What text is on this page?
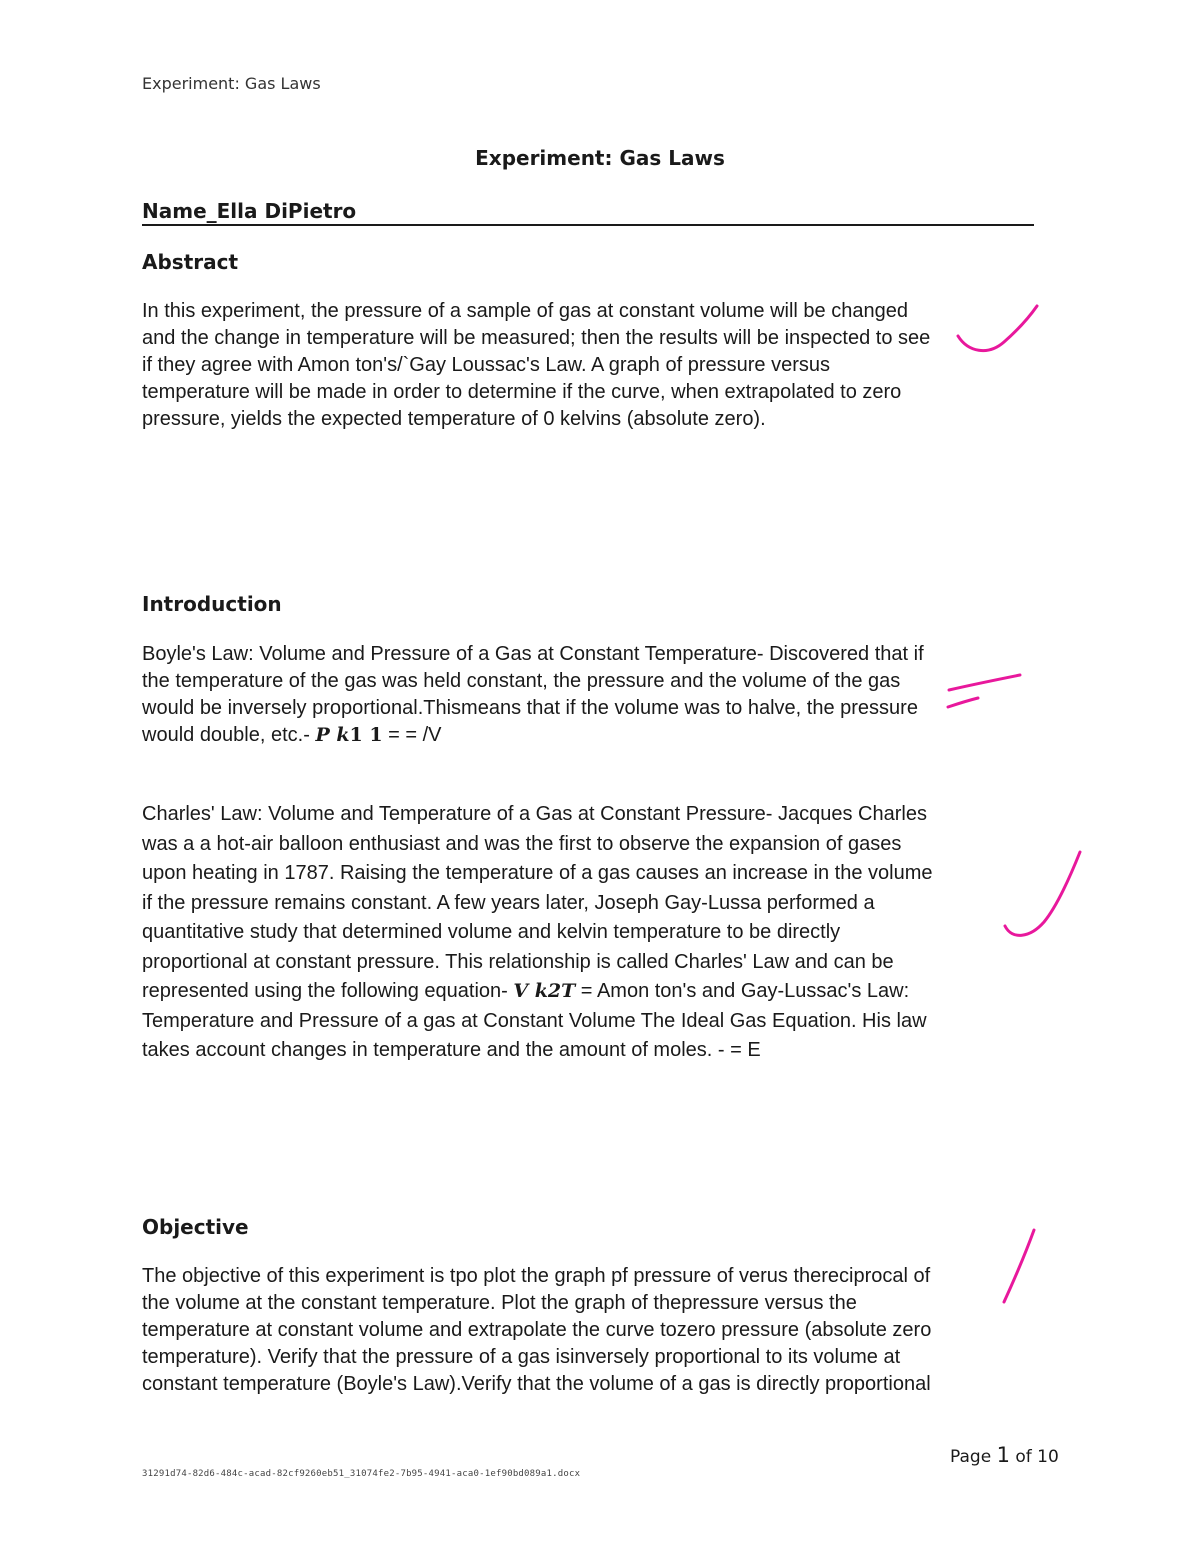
Experiment: Gas Laws
Experiment: Gas Laws
Name_Ella DiPietro
Abstract
In this experiment, the pressure of a sample of gas at constant volume will be changed
and the change in temperature will be measured; then the results will be inspected to see
if they agree with Amon ton's/`Gay Loussac's Law. A graph of pressure versus
temperature will be made in order to determine if the curve, when extrapolated to zero
pressure, yields the expected temperature of 0 kelvins (absolute zero).
Introduction
Boyle's Law: Volume and Pressure of a Gas at Constant Temperature- Discovered that if
the temperature of the gas was held constant, the pressure and the volume of the gas
would be inversely proportional.Thismeans that if the volume was to halve, the pressure
would double, etc.- P k1 1 = = /V
Charles' Law: Volume and Temperature of a Gas at Constant Pressure- Jacques Charles
was a a hot-air balloon enthusiast and was the first to observe the expansion of gases
upon heating in 1787. Raising the temperature of a gas causes an increase in the volume
if the pressure remains constant. A few years later, Joseph Gay-Lussa performed a
quantitative study that determined volume and kelvin temperature to be directly
proportional at constant pressure. This relationship is called Charles' Law and can be
represented using the following equation- V k2T = Amon ton's and Gay-Lussac's Law:
Temperature and Pressure of a gas at Constant Volume The Ideal Gas Equation. His law
takes account changes in temperature and the amount of moles. - = E
Objective
The objective of this experiment is tpo plot the graph pf pressure of verus thereciprocal of
the volume at the constant temperature. Plot the graph of thepressure versus the
temperature at constant volume and extrapolate the curve tozero pressure (absolute zero
temperature). Verify that the pressure of a gas isinversely proportional to its volume at
constant temperature (Boyle's Law).Verify that the volume of a gas is directly proportional
Page 1 of 10
31291d74-82d6-484c-acad-82cf9260eb51_31074fe2-7b95-4941-aca0-1ef90bd089a1.docx
